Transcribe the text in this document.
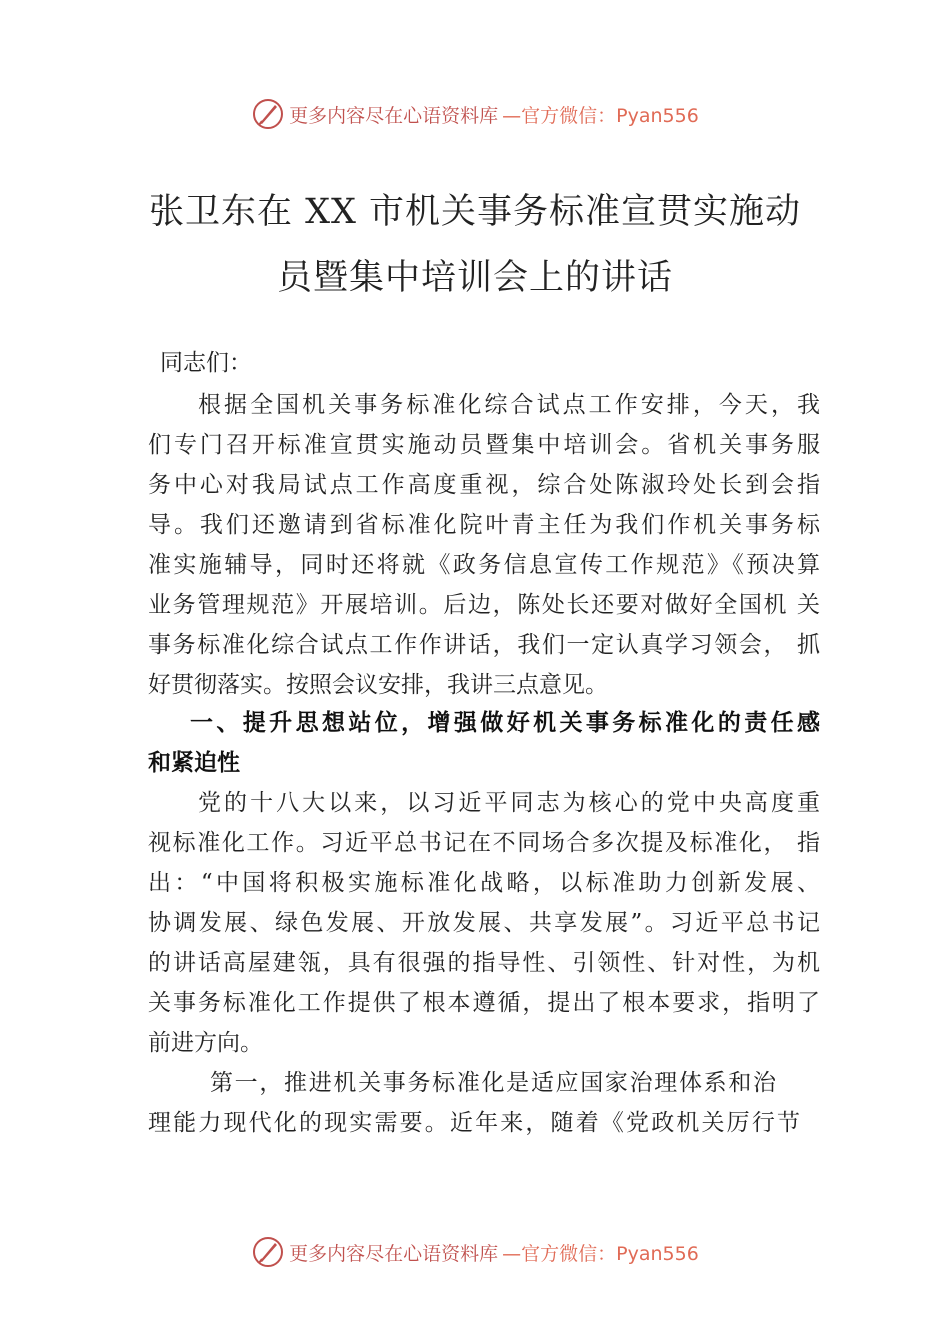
更多内容尽在心语资料库 —官方微信：Pyan556
张卫东在 XX 市机关事务标准宣贯实施动
员暨集中培训会上的讲话
同志们：
根据全国机关事务标准化综合试点工作安排，今天，我
们专门召开标准宣贯实施动员暨集中培训会。省机关事务服
务中心对我局试点工作高度重视，综合处陈淑玲处长到会指
导。我们还邀请到省标准化院叶青主任为我们作机关事务标
准实施辅导，同时还将就《政务信息宣传工作规范》《预决算
业务管理规范》开展培训。后边，陈处长还要对做好全国机 关
事务标准化综合试点工作作讲话，我们一定认真学习领会， 抓
好贯彻落实。按照会议安排，我讲三点意见。
一、提升思想站位，增强做好机关事务标准化的责任感
和紧迫性
党的十八大以来，以习近平同志为核心的党中央高度重
视标准化工作。习近平总书记在不同场合多次提及标准化， 指
出：“中国将积极实施标准化战略，以标准助力创新发展、
协调发展、绿色发展、开放发展、共享发展”。习近平总书记
的讲话高屋建瓴，具有很强的指导性、引领性、针对性，为机
关事务标准化工作提供了根本遵循，提出了根本要求，指明了
前进方向。
第一，推进机关事务标准化是适应国家治理体系和治
理能力现代化的现实需要。近年来，随着《党政机关厉行节
更多内容尽在心语资料库 —官方微信：Pyan556
